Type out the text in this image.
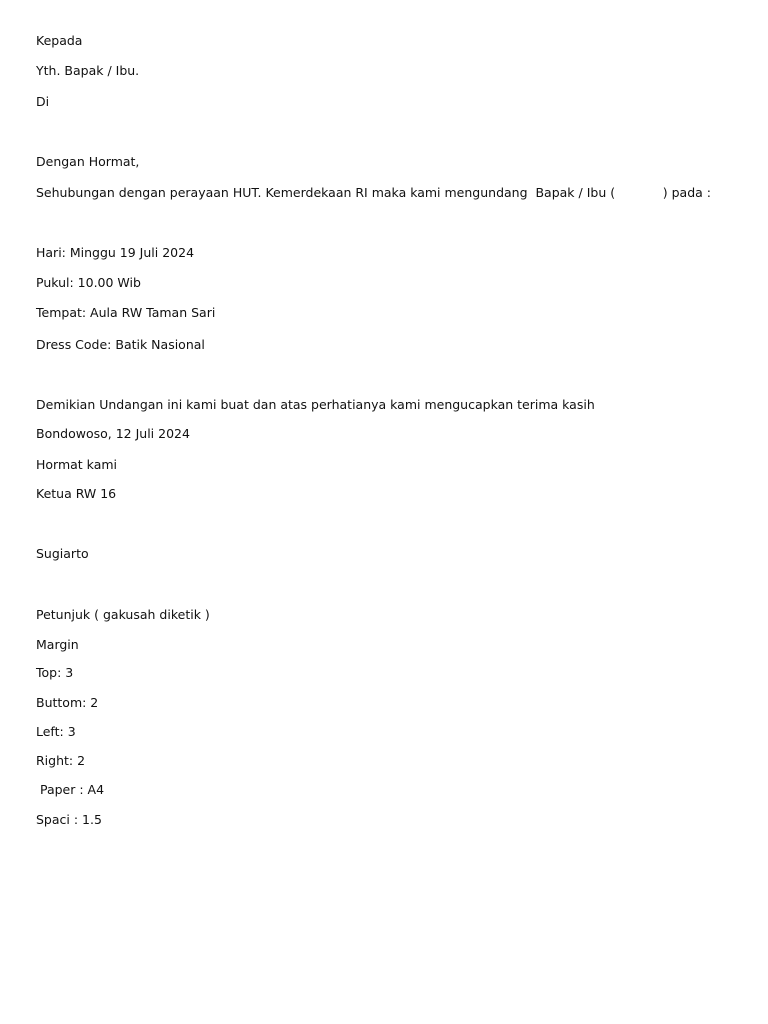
Kepada
Yth. Bapak / Ibu.
Di
Dengan Hormat,
Sehubungan dengan perayaan HUT. Kemerdekaan RI maka kami mengundang  Bapak / Ibu (            ) pada :
Hari: Minggu 19 Juli 2024
Pukul: 10.00 Wib
Tempat: Aula RW Taman Sari
Dress Code: Batik Nasional
Demikian Undangan ini kami buat dan atas perhatianya kami mengucapkan terima kasih
Bondowoso, 12 Juli 2024
Hormat kami
Ketua RW 16
Sugiarto
Petunjuk ( gakusah diketik )
Margin
Top: 3
Buttom: 2
Left: 3
Right: 2
Paper : A4
Spaci : 1.5
